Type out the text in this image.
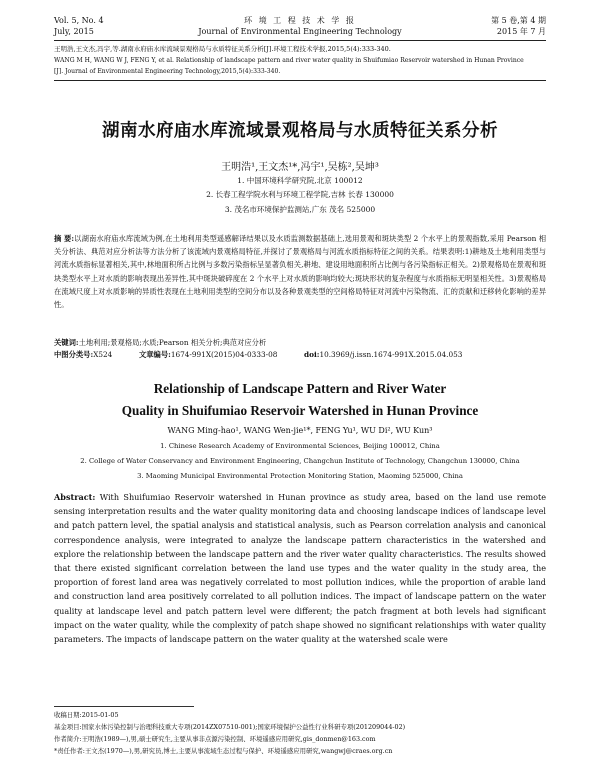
Vol. 5, No. 4
July, 2015
环 境 工 程 技 术 学 报
Journal of Environmental Engineering Technology
第 5 卷,第 4 期
2015 年 7 月
王明浩,王文杰,冯宇,等.湖南水府庙水库流域景观格局与水质特征关系分析[J].环境工程技术学报,2015,5(4):333-340.
WANG M H, WANG W J, FENG Y, et al. Relationship of landscape pattern and river water quality in Shuifumiao Reservoir watershed in Hunan Province
[J]. Journal of Environmental Engineering Technology,2015,5(4):333-340.
湖南水府庙水库流域景观格局与水质特征关系分析
王明浩¹,王文杰¹*,冯宇¹,吴栋²,吴坤³
1. 中国环境科学研究院,北京 100012
2. 长春工程学院水利与环境工程学院,吉林 长春 130000
3. 茂名市环境保护监测站,广东 茂名 525000
摘 要:以湖南水府庙水库流域为例,在土地利用类型遥感解译结果以及水质监测数据基础上,选用景观和斑块类型 2 个水平上的景观指数,采用 Pearson 相关分析法、典范对应分析法等方法分析了该流域内景观格局特征,并探讨了景观格局与河流水质指标特征之间的关系。结果表明:1)耕地及土地利用类型与河流水质指标显著相关,其中,林地面积所占比例与多数污染指标呈显著负相关,耕地、建设用地面积所占比例与各污染指标正相关。2)景观格局在景观和斑块类型水平上对水质的影响表现出差异性,其中斑块破碎度在 2 个水平上对水质的影响均较大;斑块形状的复杂程度与水质指标无明显相关性。3)景观格局在流域尺度上对水质影响的异质性表现在土地利用类型的空间分布以及各种景观类型的空间格局特征对河流中污染物流、汇的贡献和迁移转化影响的差异性。
关键词:土地利用;景观格局;水质;Pearson 相关分析;典范对应分析
中图分类号:X524	文章编号:1674-991X(2015)04-0333-08	doi:10.3969/j.issn.1674-991X.2015.04.053
Relationship of Landscape Pattern and River Water
Quality in Shuifumiao Reservoir Watershed in Hunan Province
WANG Ming-hao¹, WANG Wen-jie¹*, FENG Yu¹, WU Di², WU Kun³
1. Chinese Research Academy of Environmental Sciences, Beijing 100012, China
2. College of Water Conservancy and Environment Engineering, Changchun Institute of Technology, Changchun 130000, China
3. Maoming Municipal Environmental Protection Monitoring Station, Maoming 525000, China
Abstract: With Shuifumiao Reservoir watershed in Hunan province as study area, based on the land use remote sensing interpretation results and the water quality monitoring data and choosing landscape indices of landscape level and patch pattern level, the spatial analysis and statistical analysis, such as Pearson correlation analysis and canonical correspondence analysis, were integrated to analyze the landscape pattern characteristics in the watershed and explore the relationship between the landscape pattern and the river water quality characteristics. The results showed that there existed significant correlation between the land use types and the water quality in the study area, the proportion of forest land area was negatively correlated to most pollution indices, while the proportion of arable land and construction land area positively correlated to all pollution indices. The impact of landscape pattern on the water quality at landscape level and patch pattern level were different; the patch fragment at both levels had significant impact on the water quality, while the complexity of patch shape showed no significant relationships with water quality parameters. The impacts of landscape pattern on the water quality at the watershed scale were
收稿日期:2015-01-05
基金项目:国家水体污染控制与治理科技重大专项(2014ZX07510-001);国家环境保护公益性行业科研专项(201209044-02)
作者简介:王明浩(1989—),男,硕士研究生,主要从事非点源污染控制、环境遥感应用研究,gis_donmen@163.com
*责任作者:王文杰(1970—),男,研究员,博士,主要从事流域生态过程与保护、环境遥感应用研究,wangwj@craes.org.cn
